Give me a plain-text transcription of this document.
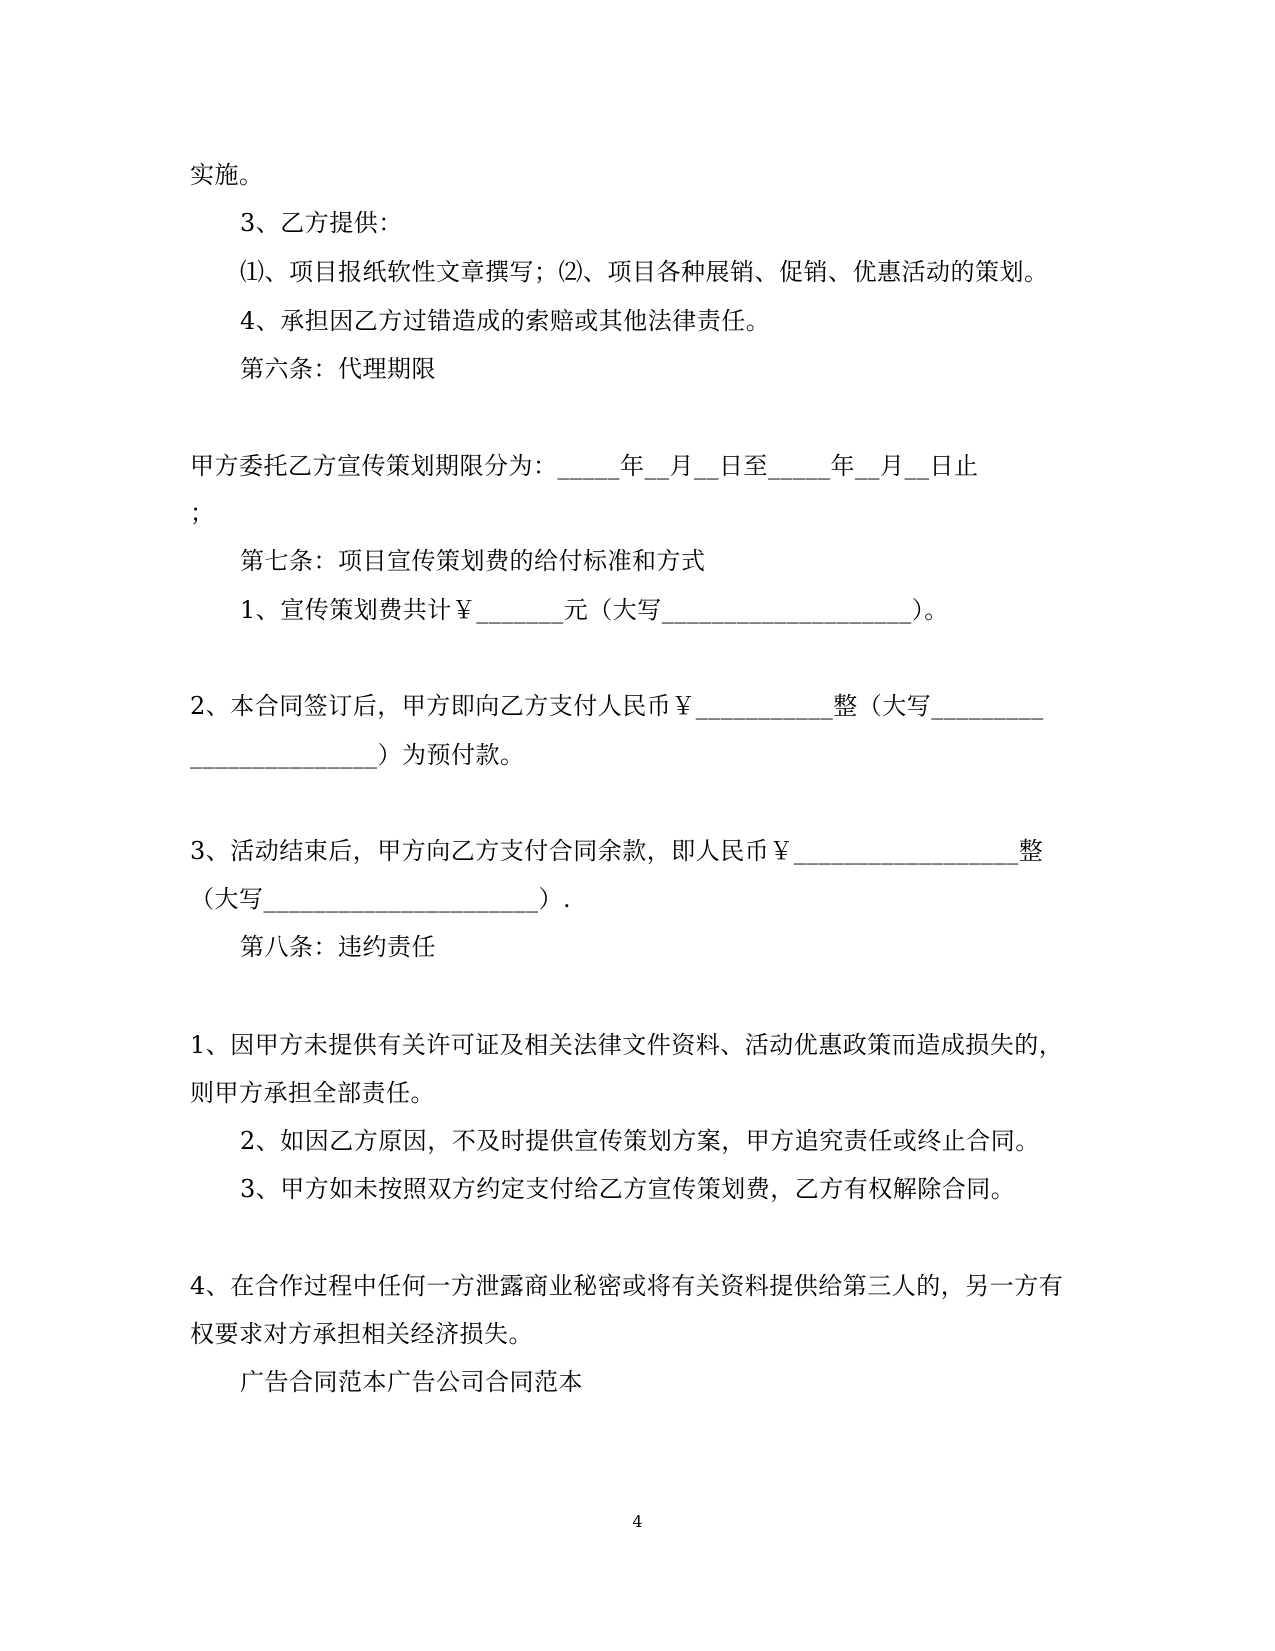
实施。
3、乙方提供：
⑴、项目报纸软性文章撰写；⑵、项目各种展销、促销、优惠活动的策划。
4、承担因乙方过错造成的索赔或其他法律责任。
第六条：代理期限
甲方委托乙方宣传策划期限分为：_____年__月__日至_____年__月__日止
；
第七条：项目宣传策划费的给付标准和方式
1、宣传策划费共计￥_______元（大写____________________）。
2、本合同签订后，甲方即向乙方支付人民币￥___________整（大写_________
_______________）为预付款。
3、活动结束后，甲方向乙方支付合同余款，即人民币￥__________________整
（大写______________________）.
第八条：违约责任
1、因甲方未提供有关许可证及相关法律文件资料、活动优惠政策而造成损失的，
则甲方承担全部责任。
2、如因乙方原因，不及时提供宣传策划方案，甲方追究责任或终止合同。
3、甲方如未按照双方约定支付给乙方宣传策划费，乙方有权解除合同。
4、在合作过程中任何一方泄露商业秘密或将有关资料提供给第三人的，另一方有
权要求对方承担相关经济损失。
广告合同范本广告公司合同范本
4
